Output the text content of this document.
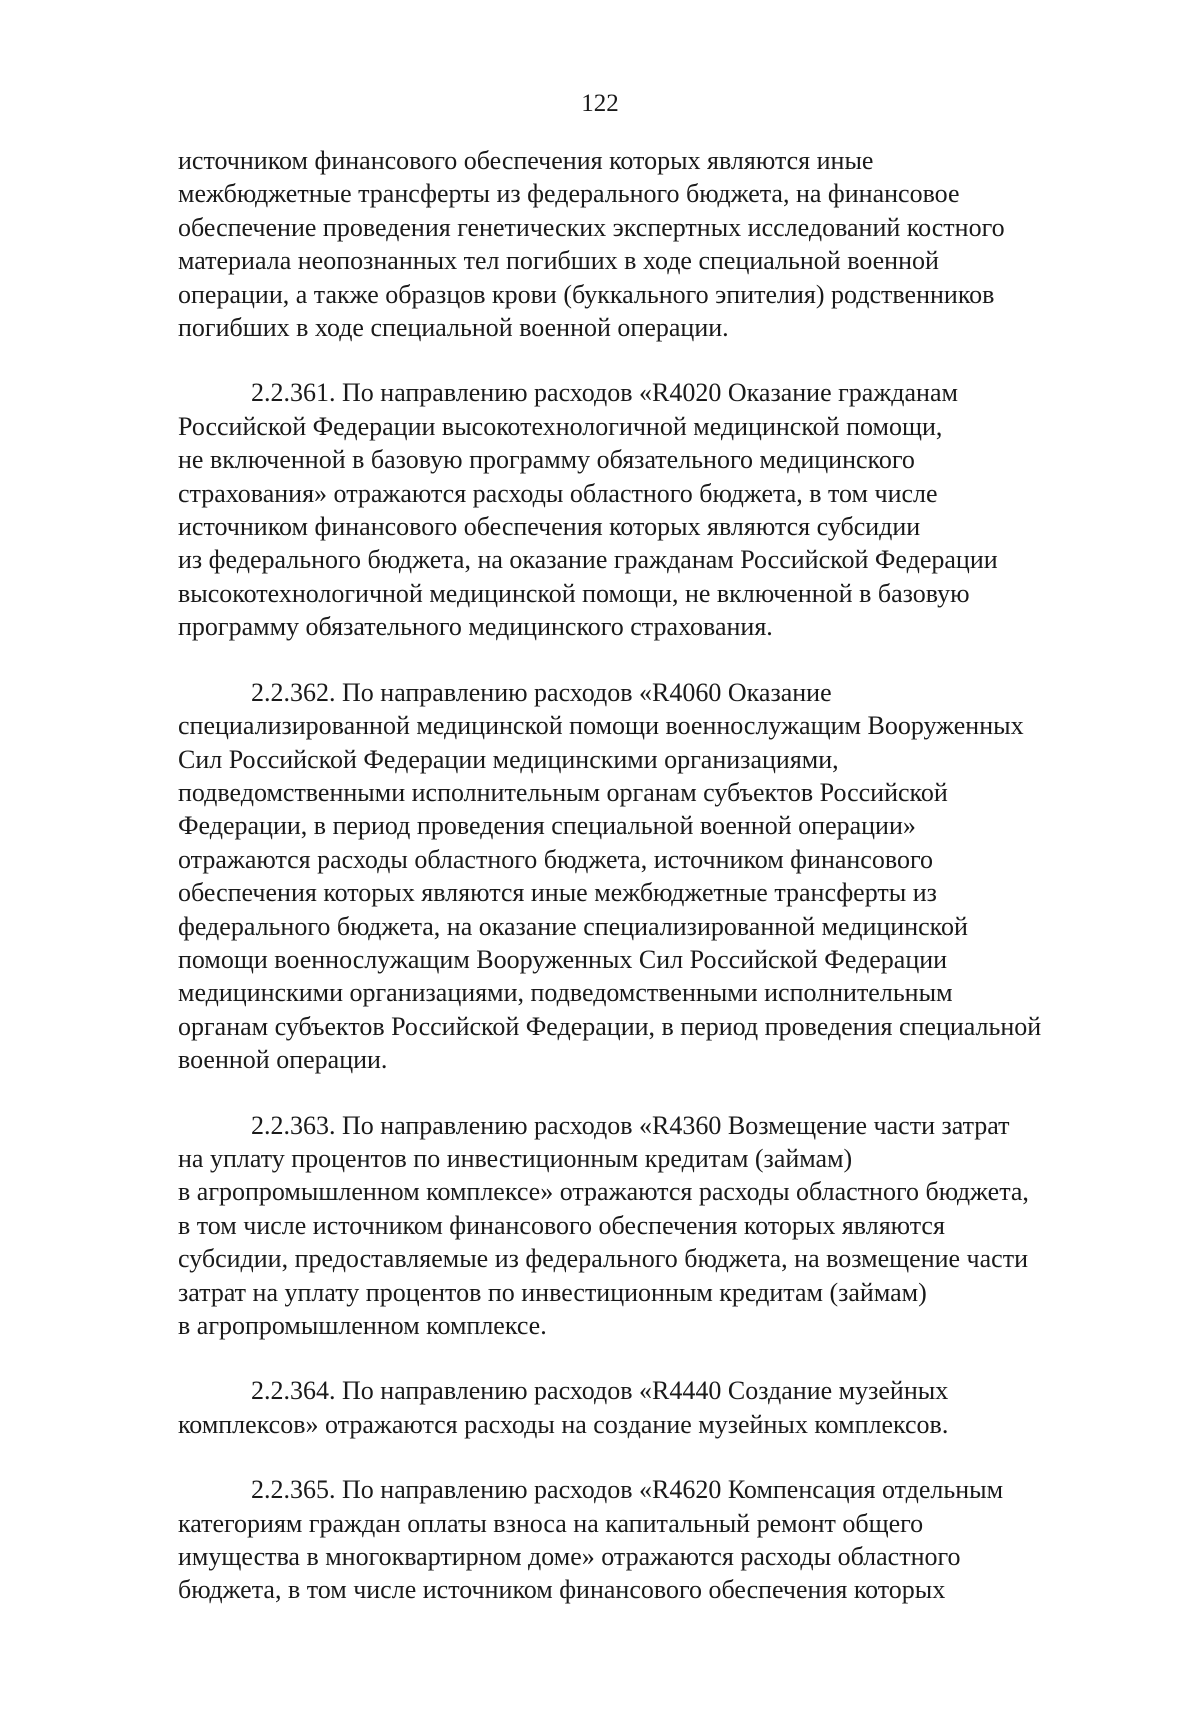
122
источником финансового обеспечения которых являются иные
межбюджетные трансферты из федерального бюджета, на финансовое
обеспечение проведения генетических экспертных исследований костного
материала неопознанных тел погибших в ходе специальной военной
операции, а также образцов крови (буккального эпителия) родственников
погибших в ходе специальной военной операции.
2.2.361. По направлению расходов «R4020 Оказание гражданам
Российской Федерации высокотехнологичной медицинской помощи,
не включенной в базовую программу обязательного медицинского
страхования» отражаются расходы областного бюджета, в том числе
источником финансового обеспечения которых являются субсидии
из федерального бюджета, на оказание гражданам Российской Федерации
высокотехнологичной медицинской помощи, не включенной в базовую
программу обязательного медицинского страхования.
2.2.362. По направлению расходов «R4060 Оказание
специализированной медицинской помощи военнослужащим Вооруженных
Сил Российской Федерации медицинскими организациями,
подведомственными исполнительным органам субъектов Российской
Федерации, в период проведения специальной военной операции»
отражаются расходы областного бюджета, источником финансового
обеспечения которых являются иные межбюджетные трансферты из
федерального бюджета, на оказание специализированной медицинской
помощи военнослужащим Вооруженных Сил Российской Федерации
медицинскими организациями, подведомственными исполнительным
органам субъектов Российской Федерации, в период проведения специальной
военной операции.
2.2.363. По направлению расходов «R4360 Возмещение части затрат
на уплату процентов по инвестиционным кредитам (займам)
в агропромышленном комплексе» отражаются расходы областного бюджета,
в том числе источником финансового обеспечения которых являются
субсидии, предоставляемые из федерального бюджета, на возмещение части
затрат на уплату процентов по инвестиционным кредитам (займам)
в агропромышленном комплексе.
2.2.364. По направлению расходов «R4440 Создание музейных
комплексов» отражаются расходы на создание музейных комплексов.
2.2.365. По направлению расходов «R4620 Компенсация отдельным
категориям граждан оплаты взноса на капитальный ремонт общего
имущества в многоквартирном доме» отражаются расходы областного
бюджета, в том числе источником финансового обеспечения которых
